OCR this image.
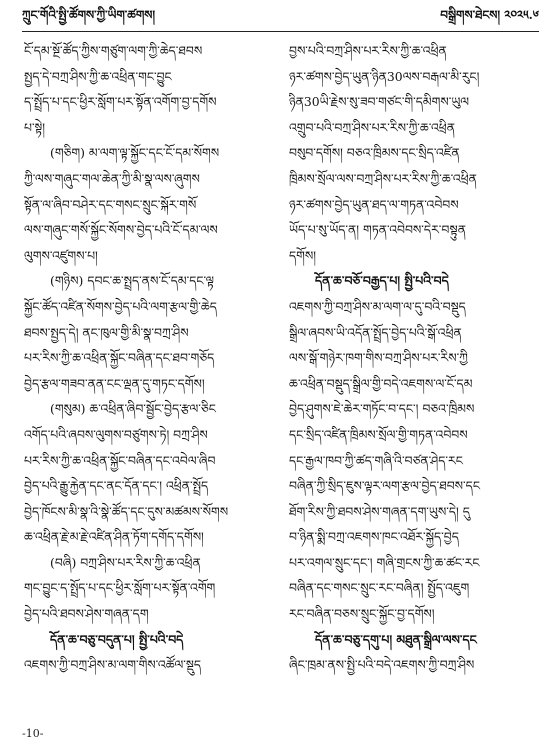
ཀྲུང་གོའི་སྤྱི་ཚོགས་ཀྱི་ཡིག་ཚགས།	བསྒྲིགས་ཐེངས། ༢༠༢༥.༦
ངོ་དམ་སྔོ་ཚོད་ཀྱིས་གཙུག་ལག་ཀྱི་ཆེད་ཐབས
སྤྱད་དེ་བཀྲ་ཤིས་ཀྱི་ཆ་འཕྲིན་གང་བྱུང
ད་སྤྲོད་པ་དང་ཕྱིར་སློག་པར་སྟོན་འགོག་བྱ་དགོས
པ་སྟེ།
(གཅིག) མ་ལག་ལྟ་སྐྱོང་དང་ངོ་དམ་སོགས
ཀྱི་ལས་གཞུང་གལ་ཆེན་ཀྱི་མི་སྣ་ལས་ཞུགས
སྟོན་ལ་ཞིབ་བཤེར་དང་གསང་སྲུང་སྐོར་གསོ
ལས་གཞུང་གསོ་སྐྱོང་སོགས་བྱེད་པའི་ངོ་དམ་ལས
ལུགས་འཛུགས་པ།
(གཉིས) དབང་ཆ་སྤྲད་ནས་ངོ་དམ་དང་ལྟ
སྐྱོང་ཚོད་འཛིན་སོགས་བྱེད་པའི་ལག་རྩལ་གྱི་ཆེད
ཐབས་སྤྱད་དེ། ནང་ཁུལ་གྱི་མི་སྣ་བཀྲ་ཤིས
པར་རིས་ཀྱི་ཆ་འཕྲིན་སྐྱོང་བཞིན་དང་ཐབ་གཅོད
བྱེད་རྩལ་གཟབ་ནན་ངང་ལྡན་དུ་གཏང་དགོས།
(གསུམ) ཆ་འཕྲིན་ཞིབ་སྦྱོང་བྱེད་རྩལ་ཅིང
འགོད་པའི་ཞབས་ལུགས་བཙུགས་ཏེ། བཀྲ་ཤིས
པར་རིས་ཀྱི་ཆ་འཕྲིན་སྐྱོང་བཞིན་དང་འབེལ་ཞིབ
བྱེད་པའི་རྒྱུ་རྐྱེན་དང་ནང་དོན་དང་། འཕྲིན་སྤྲོད
བྱེད་ཁོངས་མི་སྣ་འི་སྣེ་ཚོད་དང་དུས་མཚམས་སོགས
ཆ་འཕྲིན་རྗེ་མ་རྗེ་འཛིན་ཤིན་ཏོག་དགོད་དགོས།
(བཞི) བཀྲ་ཤིས་པར་རིས་ཀྱི་ཆ་འཕྲིན
གང་བྱུང་ད་སྤྲོད་པ་དང་ཕྱིར་སློག་པར་སྟོན་འགོག
བྱེད་པའི་ཐབས་ཤེས་གཞན་དག
དོན་ཆ་བཅུ་བདུན་པ། སྤྱི་པའི་བདེ
འཇགས་ཀྱི་བཀྲ་ཤིས་མ་ལག་གིས་འཚོལ་སྡུད
བྱས་པའི་བཀྲ་ཤིས་པར་རིས་ཀྱི་ཆ་འཕྲིན
ཉར་ཚགས་བྱེད་ཡུན་ཉིན30ལས་བརྒལ་མི་རུང།
ཉིན30ཡི་རྗེས་སུ་ཟབ་གཙང་གི་དམིགས་ཡུལ
འགྲུབ་པའི་བཀྲ་ཤིས་པར་རིས་ཀྱི་ཆ་འཕྲིན
བསུབ་དགོས། བཅའ་ཁྲིམས་དང་སྲིད་འཛིན
ཁྲིམས་སྲོལ་ལས་བཀྲ་ཤིས་པར་རིས་ཀྱི་ཆ་འཕྲིན
ཉར་ཚགས་བྱེད་ཡུན་ཐད་ལ་གཏན་འབེབས
ཡོད་པ་སུ་ཡོད་ན། གཏན་འབེབས་དེར་བསྟུན
དགོས།
དོན་ཆ་བཅོ་བརྒྱད་པ། སྤྱི་པའི་བདེ
འཇགས་ཀྱི་བཀྲ་ཤིས་མ་ལག་ལ་དུ་བའི་བསྡུད
སྒྲིལ་ཞབས་ཡི་འདོན་སྤྲོད་བྱེད་པའི་སྒོ་འཕྲིན
ལས་སྒོ་གཉེར་ཁག་གིས་བཀྲ་ཤིས་པར་རིས་ཀྱི
ཆ་འཕྲིན་བསྡུད་སྒྲིལ་གྱི་བདེ་འཇགས་ལ་ངོ་དམ
བྱེད་ཤུགས་ཇེ་ཆེར་གཏོང་བ་དང་། བཅའ་ཁྲིམས
དང་སྲིད་འཛིན་ཁྲིམས་སྲོལ་གྱི་གཏན་འབེབས
དང་རྒྱལ་ཁབ་ཀྱི་ཚད་གཞི་འི་བཙན་ཤེད་རང
བཞིན་ཀྱི་སྲིད་ཇུས་ལྟར་ལག་རྩལ་བྱེད་ཐབས་དང
ཐོག་རིས་ཀྱི་ཐབས་ཤེས་གཞན་དག་ཡུས་དེ། དུ
བ་ཉིན་སྨི་བཀྲ་འཇགས་ཁང་འཐོར་སྐྱོད་བྱེད
པར་འགལ་སྲུང་དང་། གཞི་གྲངས་ཀྱི་ཆ་ཚང་རང
བཞིན་དང་གསང་སྲུང་རང་བཞིན། སྤྱོད་འཇུག
རང་བཞིན་བཅས་སྲུང་སྐྱོང་བྱ་དགོས།
དོན་ཆ་བཅུ་དགུ་པ། མཐུན་སྒྲིལ་ལས་དང
ཞིང་ཁྲམ་ནས་སྤྱི་པའི་བདེ་འཇགས་ཀྱི་བཀྲ་ཤིས
-10-
